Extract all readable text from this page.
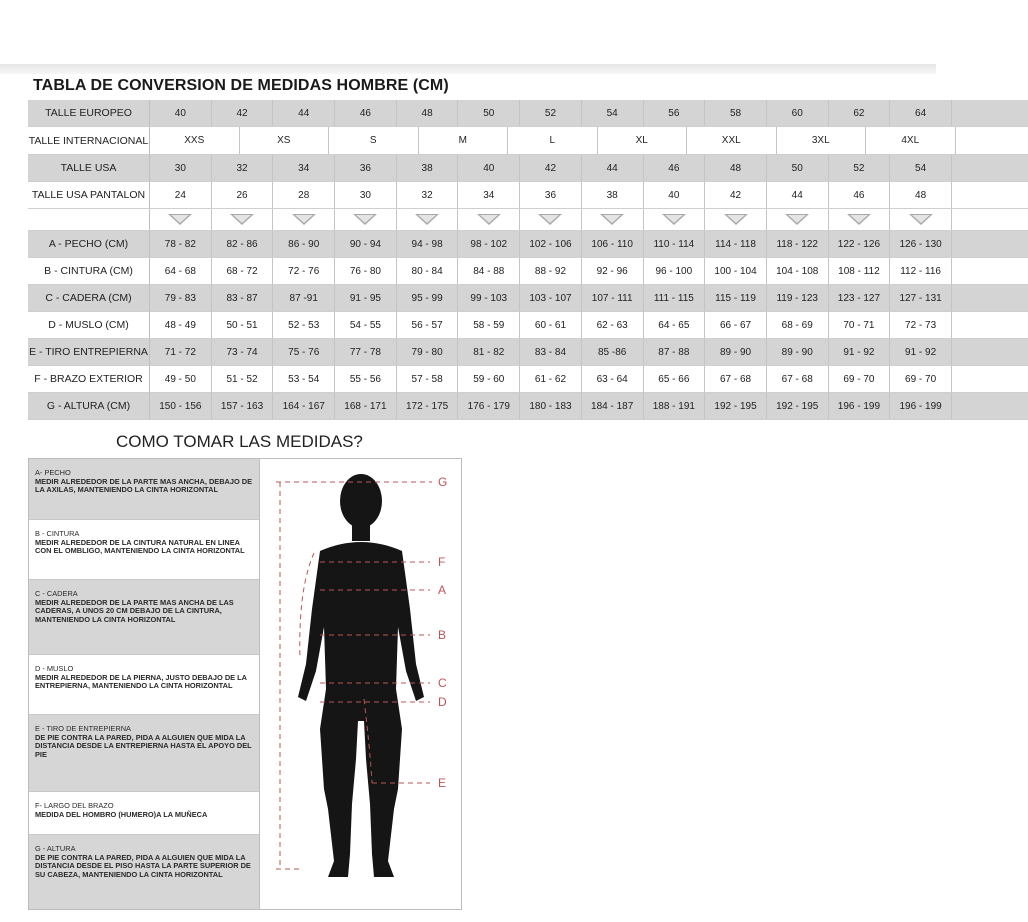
TABLA DE CONVERSION DE MEDIDAS HOMBRE (CM)
TALLE EUROPEO	40	42	44	46	48	50	52	54	56	58	60	62	64
TALLE INTERNACIONAL	XXS	XS	S	M	L	XL	XXL	3XL	4XL
TALLE USA	30	32	34	36	38	40	42	44	46	48	50	52	54
TALLE USA PANTALON	24	26	28	30	32	34	36	38	40	42	44	46	48
A - PECHO (CM)	78 - 82	82 - 86	86 - 90	90 - 94	94 - 98	98 - 102	102 - 106	106 - 110	110 - 114	114 - 118	118 - 122	122 - 126	126 - 130
B - CINTURA (CM)	64 - 68	68 - 72	72 - 76	76 - 80	80 - 84	84 - 88	88 - 92	92 - 96	96 - 100	100 - 104	104 - 108	108 - 112	112 - 116
C - CADERA (CM)	79 - 83	83 - 87	87 -91	91 - 95	95 - 99	99 - 103	103 - 107	107 - 111	111 - 115	115 - 119	119 - 123	123 - 127	127 - 131
D - MUSLO (CM)	48 - 49	50 - 51	52 - 53	54 - 55	56 - 57	58 - 59	60 - 61	62 - 63	64 - 65	66 - 67	68 - 69	70 - 71	72 - 73
E - TIRO ENTREPIERNA	71 - 72	73 - 74	75 - 76	77 - 78	79 - 80	81 - 82	83 - 84	85 -86	87 - 88	89 - 90	89 - 90	91 - 92	91 - 92
F - BRAZO EXTERIOR	49 - 50	51 - 52	53 - 54	55 - 56	57 - 58	59 - 60	61 - 62	63 - 64	65 - 66	67 - 68	67 - 68	69 - 70	69 - 70
G - ALTURA (CM)	150 - 156	157 - 163	164 - 167	168 - 171	172 - 175	176 - 179	180 - 183	184 - 187	188 - 191	192 - 195	192 - 195	196 - 199	196 - 199
COMO TOMAR LAS MEDIDAS?
A- PECHO
MEDIR ALREDEDOR DE LA PARTE MAS ANCHA, DEBAJO DE LA AXILAS, MANTENIENDO LA CINTA HORIZONTAL
B - CINTURA
MEDIR ALREDEDOR DE LA CINTURA NATURAL EN LINEA CON EL OMBLIGO, MANTENIENDO LA CINTA HORIZONTAL
C - CADERA
MEDIR ALREDEDOR DE LA PARTE MAS ANCHA DE LAS CADERAS, A UNOS 20 CM DEBAJO DE LA CINTURA, MANTENIENDO LA CINTA HORIZONTAL
D - MUSLO
MEDIR ALREDEDOR DE LA PIERNA, JUSTO DEBAJO DE LA ENTREPIERNA, MANTENIENDO LA CINTA HORIZONTAL
E - TIRO DE ENTREPIERNA
DE PIE CONTRA LA PARED, PIDA A ALGUIEN QUE MIDA LA DISTANCIA DESDE LA ENTREPIERNA HASTA EL APOYO DEL PIE
F- LARGO DEL BRAZO
MEDIDA DEL HOMBRO (HUMERO)A LA MUÑECA
G - ALTURA
DE PIE CONTRA LA PARED, PIDA A ALGUIEN QUE MIDA LA DISTANCIA DESDE EL PISO HASTA LA PARTE SUPERIOR DE SU CABEZA, MANTENIENDO LA CINTA HORIZONTAL
G
F
A
B
C
D
E
